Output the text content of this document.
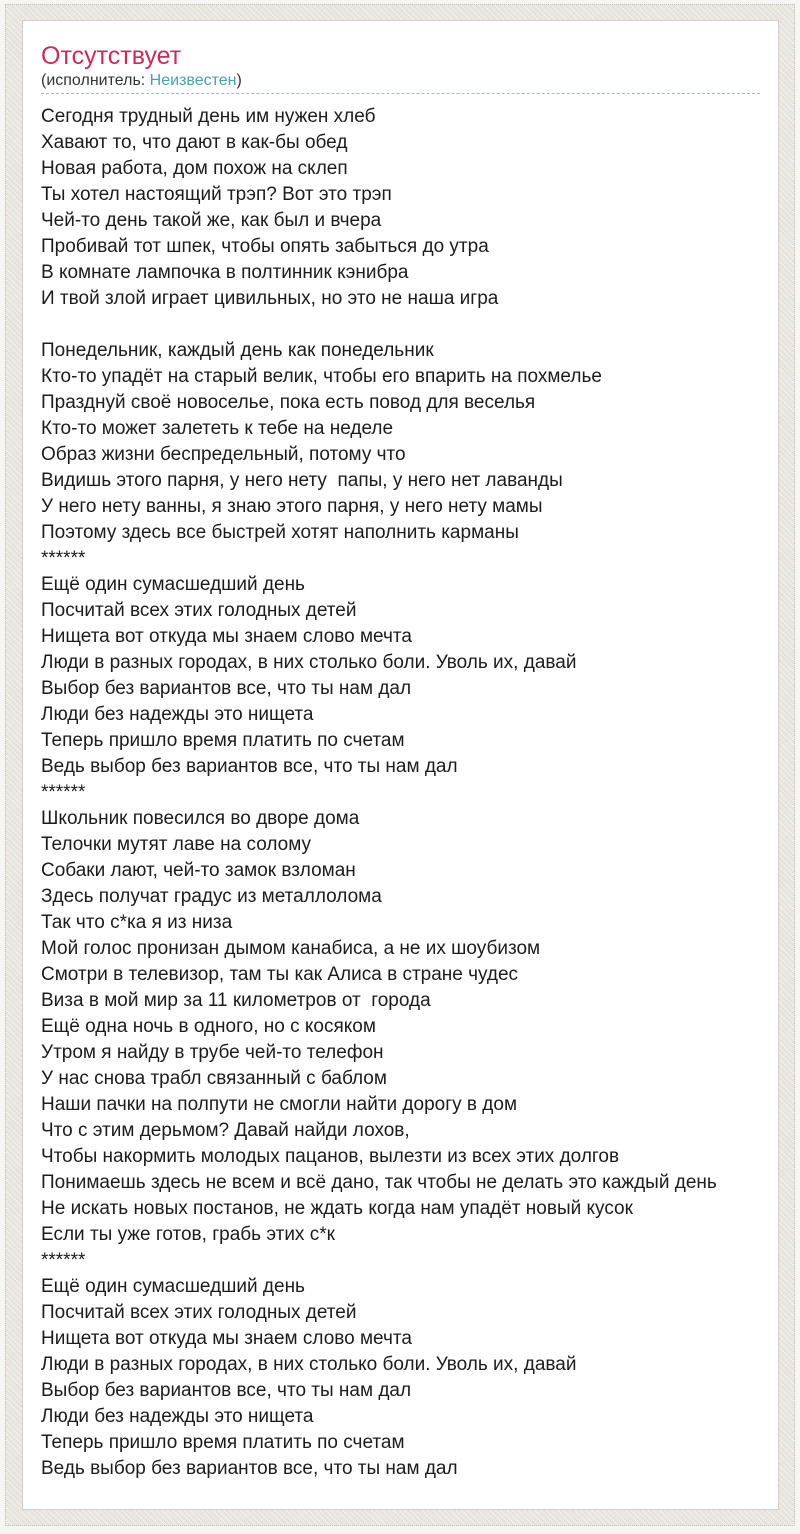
Отсутствует
(исполнитель: Неизвестен)
Сегодня трудный день им нужен хлеб
Хавают то, что дают в как-бы обед
Новая работа, дом похож на склеп
Ты хотел настоящий трэп? Вот это трэп
Чей-то день такой же, как был и вчера
Пробивай тот шпек, чтобы опять забыться до утра
В комнате лампочка в полтинник кэнибра
И твой злой играет цивильных, но это не наша игра

Понедельник, каждый день как понедельник
Кто-то упадёт на старый велик, чтобы его впарить на похмелье
Празднуй своё новоселье, пока есть повод для веселья
Кто-то может залететь к тебе на неделе
Образ жизни беспредельный, потому что
Видишь этого парня, у него нету  папы, у него нет лаванды
У него нету ванны, я знаю этого парня, у него нету мамы
Поэтому здесь все быстрей хотят наполнить карманы
******
Ещё один сумасшедший день
Посчитай всех этих голодных детей
Нищета вот откуда мы знаем слово мечта
Люди в разных городах, в них столько боли. Уволь их, давай
Выбор без вариантов все, что ты нам дал
Люди без надежды это нищета
Теперь пришло время платить по счетам
Ведь выбор без вариантов все, что ты нам дал
******
Школьник повесился во дворе дома
Телочки мутят лаве на солому
Собаки лают, чей-то замок взломан
Здесь получат градус из металлолома
Так что с*ка я из низа
Мой голос пронизан дымом канабиса, а не их шоубизом
Смотри в телевизор, там ты как Алиса в стране чудес
Виза в мой мир за 11 километров от  города
Ещё одна ночь в одного, но с косяком
Утром я найду в трубе чей-то телефон
У нас снова трабл связанный с баблом
Наши пачки на полпути не смогли найти дорогу в дом
Что с этим дерьмом? Давай найди лохов,
Чтобы накормить молодых пацанов, вылезти из всех этих долгов
Понимаешь здесь не всем и всё дано, так чтобы не делать это каждый день
Не искать новых постанов, не ждать когда нам упадёт новый кусок
Если ты уже готов, грабь этих с*к
******
Ещё один сумасшедший день
Посчитай всех этих голодных детей
Нищета вот откуда мы знаем слово мечта
Люди в разных городах, в них столько боли. Уволь их, давай
Выбор без вариантов все, что ты нам дал
Люди без надежды это нищета
Теперь пришло время платить по счетам
Ведь выбор без вариантов все, что ты нам дал
